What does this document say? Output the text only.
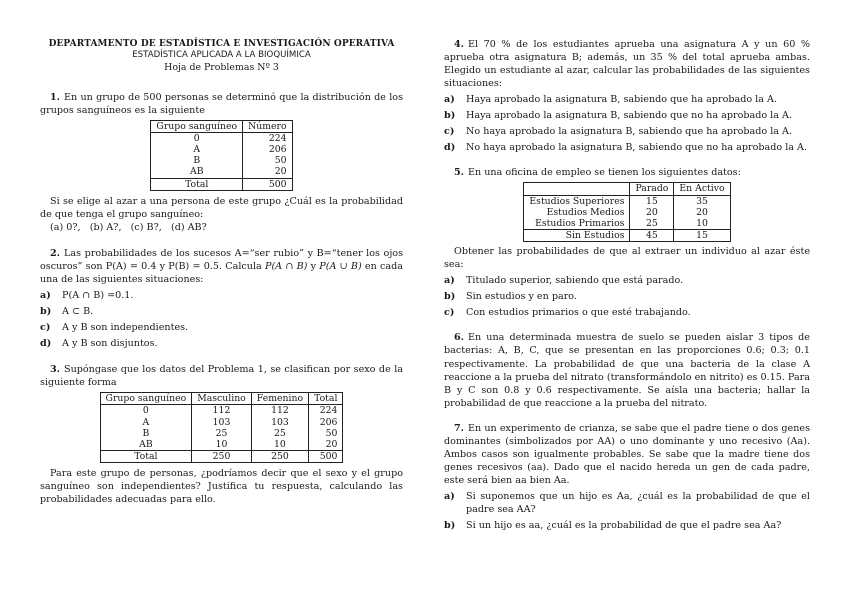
DEPARTAMENTO DE ESTADÍSTICA E INVESTIGACIÓN OPERATIVA
ESTADÍSTICA APLICADA A LA BIOQUÍMICA
Hoja de Problemas Nº 3

1. En un grupo de 500 personas se determinó que la distribución de los grupos sanguíneos es la siguiente

Grupo sanguíneo	Número
0	224
A	206
B	50
AB	20
Total	500

Si se elige al azar a una persona de este grupo ¿Cuál es la probabilidad de que tenga el grupo sanguíneo:

(a) 0?,   (b) A?,   (c) B?,   (d) AB?

2. Las probabilidades de los sucesos A=“ser rubio” y B=“tener los ojos oscuros” son P(A) = 0.4 y P(B) = 0.5. Calcula P(A ∩ B) y P(A ∪ B) en cada una de las siguientes situaciones:

a)	P(A ∩ B) =0.1.
b)	A ⊂ B.
c)	A y B son independientes.
d)	A y B son disjuntos.

3. Supóngase que los datos del Problema 1, se clasifican por sexo de la siguiente forma

Grupo sanguíneo	Masculino	Femenino	Total
0	112	112	224
A	103	103	206
B	25	25	50
AB	10	10	20
Total	250	250	500

Para este grupo de personas, ¿podríamos decir que el sexo y el grupo sanguíneo son independientes? Justifica tu respuesta, calculando las probabilidades adecuadas para ello.

4. El 70 % de los estudiantes aprueba una asignatura A y un 60 % aprueba otra asignatura B; además, un 35 % del total aprueba ambas. Elegido un estudiante al azar, calcular las probabilidades de las siguientes situaciones:

a)	Haya aprobado la asignatura B, sabiendo que ha aprobado la A.
b)	Haya aprobado la asignatura B, sabiendo que no ha aprobado la A.
c)	No haya aprobado la asignatura B, sabiendo que ha aprobado la A.
d)	No haya aprobado la asignatura B, sabiendo que no ha aprobado la A.

5. En una oficina de empleo se tienen los siguientes datos:

	Parado	En Activo
Estudios Superiores	15	35
Estudios Medios	20	20
Estudios Primarios	25	10
Sin Estudios	45	15

Obtener las probabilidades de que al extraer un individuo al azar éste sea:

a)	Titulado superior, sabiendo que está parado.
b)	Sin estudios y en paro.
c)	Con estudios primarios o que esté trabajando.

6. En una determinada muestra de suelo se pueden aislar 3 tipos de bacterias: A, B, C, que se presentan en las proporciones 0.6; 0.3; 0.1 respectivamente. La probabilidad de que una bacteria de la clase A reaccione a la prueba del nitrato (transformándolo en nitrito) es 0.15. Para B y C son 0.8 y 0.6 respectivamente. Se aísla una bacteria; hallar la probabilidad de que reaccione a la prueba del nitrato.

7. En un experimento de crianza, se sabe que el padre tiene o dos genes dominantes (simbolizados por AA) o uno dominante y uno recesivo (Aa). Ambos casos son igualmente probables. Se sabe que la madre tiene dos genes recesivos (aa). Dado que el nacido hereda un gen de cada padre, este será bien aa bien Aa.

a)	Si suponemos que un hijo es Aa, ¿cuál es la probabilidad de que el padre sea AA?
b)	Si un hijo es aa, ¿cuál es la probabilidad de que el padre sea Aa?
